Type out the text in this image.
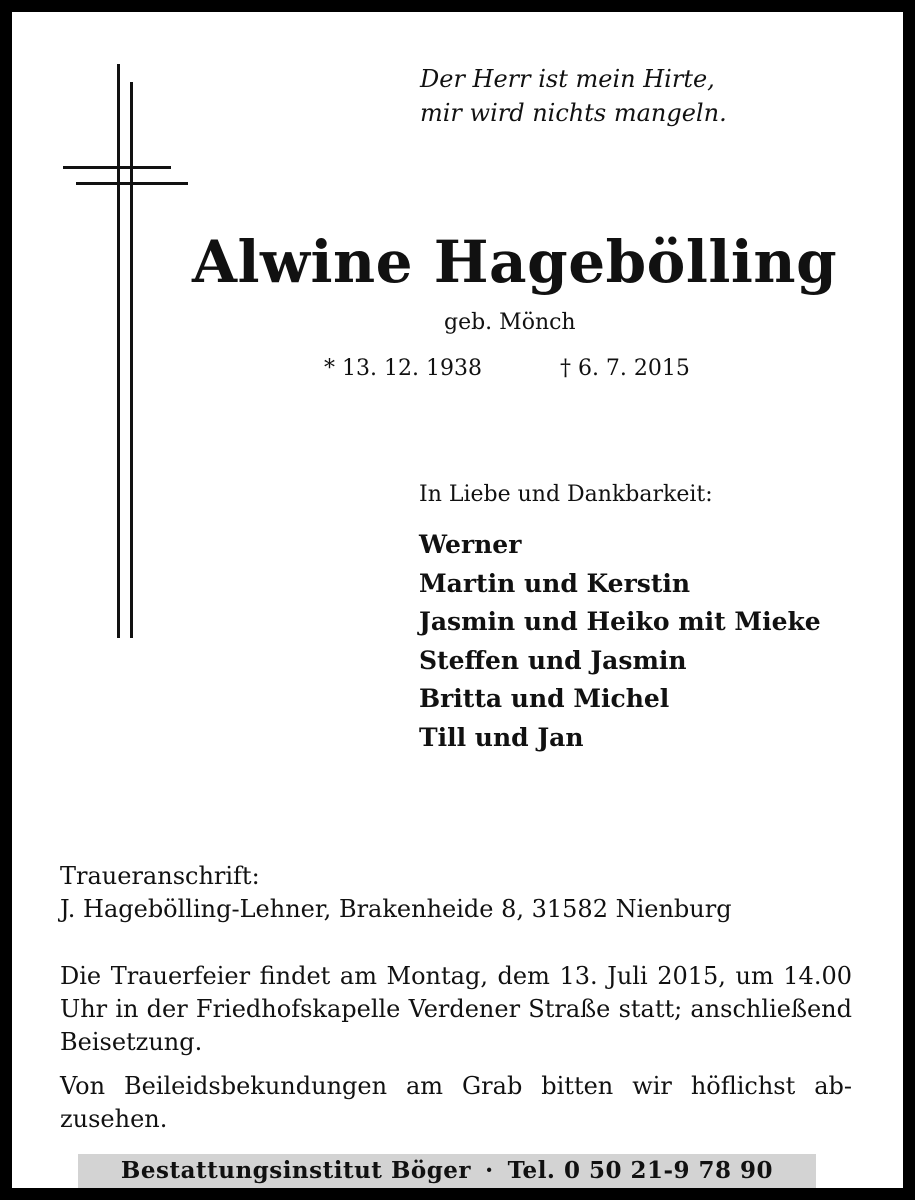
Der Herr ist mein Hirte,
mir wird nichts mangeln.
Alwine Hagebölling
geb. Mönch
* 13. 12. 1938	† 6. 7. 2015
In Liebe und Dankbarkeit:
Werner
Martin und Kerstin
Jasmin und Heiko mit Mieke
Steffen und Jasmin
Britta und Michel
Till und Jan
Traueranschrift:
J. Hagebölling-Lehner, Brakenheide 8, 31582 Nienburg

Die Trauerfeier findet am Montag, dem 13. Juli 2015, um 14.00 Uhr in der Friedhofskapelle Verdener Straße statt; anschließend Beisetzung.

Von Beileidsbekundungen am Grab bitten wir höflichst abzusehen.

Bestattungsinstitut Böger · Tel. 0 50 21-9 78 90
